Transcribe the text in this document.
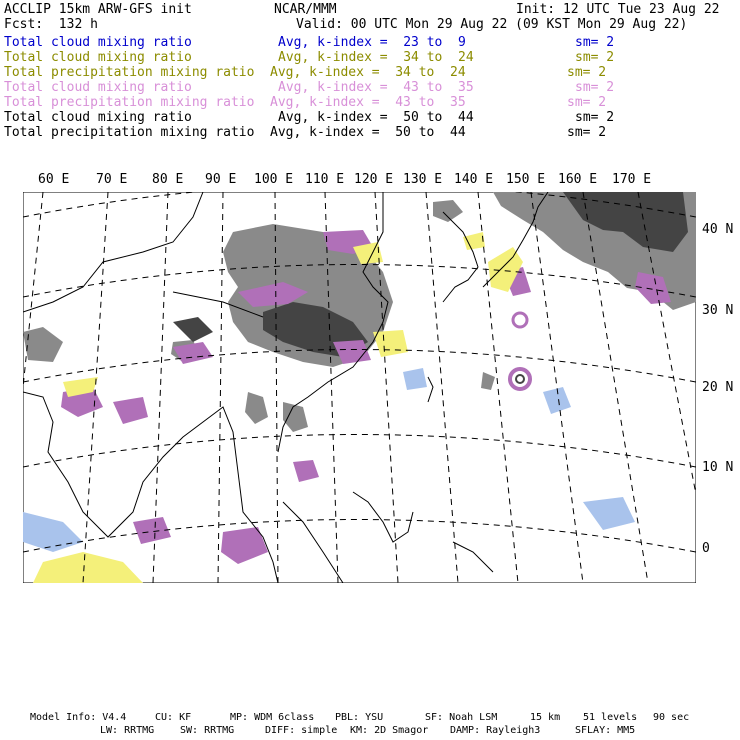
ACCLIP 15km ARW-GFS init	NCAR/MMM	Init: 12 UTC Tue 23 Aug 22
Fcst:  132 h	Valid: 00 UTC Mon 29 Aug 22 (09 KST Mon 29 Aug 22)
Total cloud mixing ratio	Avg, k-index =  23 to  9	sm= 2
Total cloud mixing ratio	Avg, k-index =  34 to  24	sm= 2
Total precipitation mixing ratio Avg, k-index =  34 to  24	sm= 2
Total cloud mixing ratio	Avg, k-index =  43 to  35	sm= 2
Total precipitation mixing ratio Avg, k-index =  43 to  35	sm= 2
Total cloud mixing ratio	Avg, k-index =  50 to  44	sm= 2
Total precipitation mixing ratio Avg, k-index =  50 to  44	sm= 2
60 E 70 E 80 E 90 E 100 E 110 E 120 E 130 E 140 E 150 E 160 E 170 E
40 N
30 N
20 N
10 N
0
Model Info: V4.4	CU: KF	MP: WDM 6class PBL: YSU	SF: Noah LSM	15 km 51 levels 90 sec
LW: RRTMG	SW: RRTMG	DIFF: simple KM: 2D Smagor DAMP: Rayleigh3	SFLAY: MM5
